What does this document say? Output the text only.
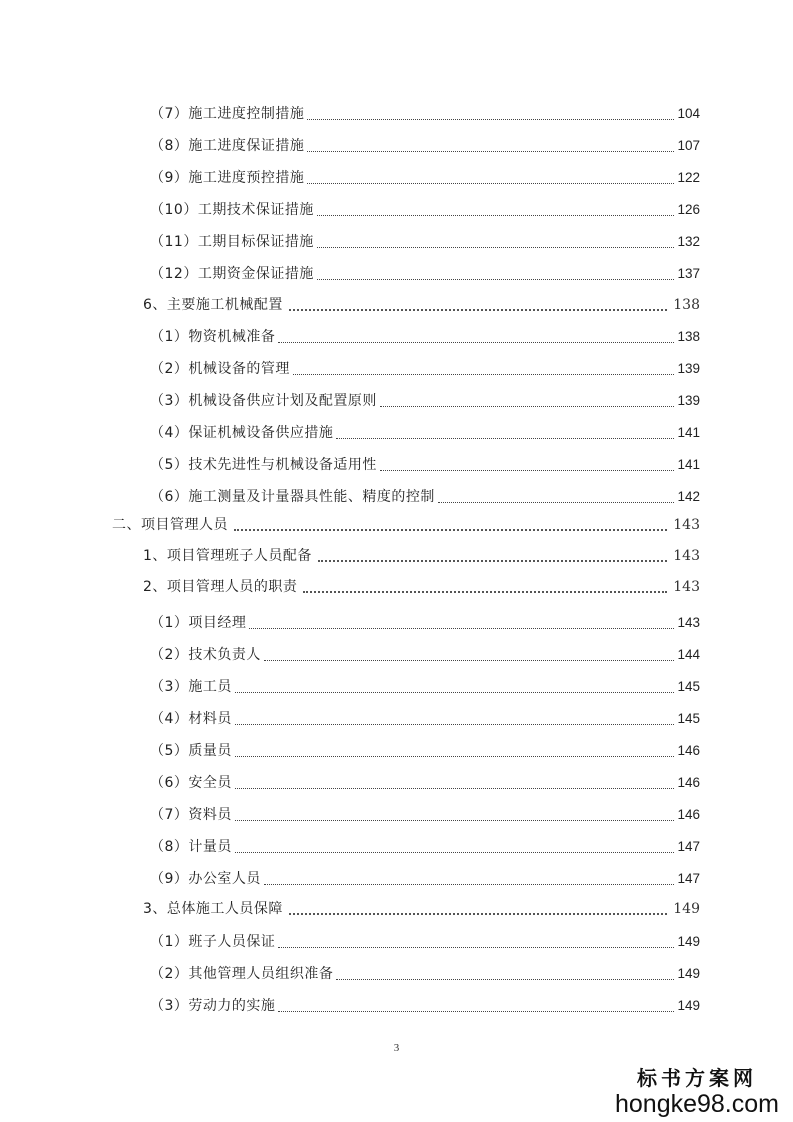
（7）施工进度控制措施	104
（8）施工进度保证措施	107
（9）施工进度预控措施	122
（10）工期技术保证措施	126
（11）工期目标保证措施	132
（12）工期资金保证措施	137
6、主要施工机械配置	138
（1）物资机械准备	138
（2）机械设备的管理	139
（3）机械设备供应计划及配置原则	139
（4）保证机械设备供应措施	141
（5）技术先进性与机械设备适用性	141
（6）施工测量及计量器具性能、精度的控制	142
二、项目管理人员	143
1、项目管理班子人员配备	143
2、项目管理人员的职责	143
（1）项目经理	143
（2）技术负责人	144
（3）施工员	145
（4）材料员	145
（5）质量员	146
（6）安全员	146
（7）资料员	146
（8）计量员	147
（9）办公室人员	147
3、总体施工人员保障	149
（1）班子人员保证	149
（2）其他管理人员组织准备	149
（3）劳动力的实施	149
3
标书方案网
hongke98.com
